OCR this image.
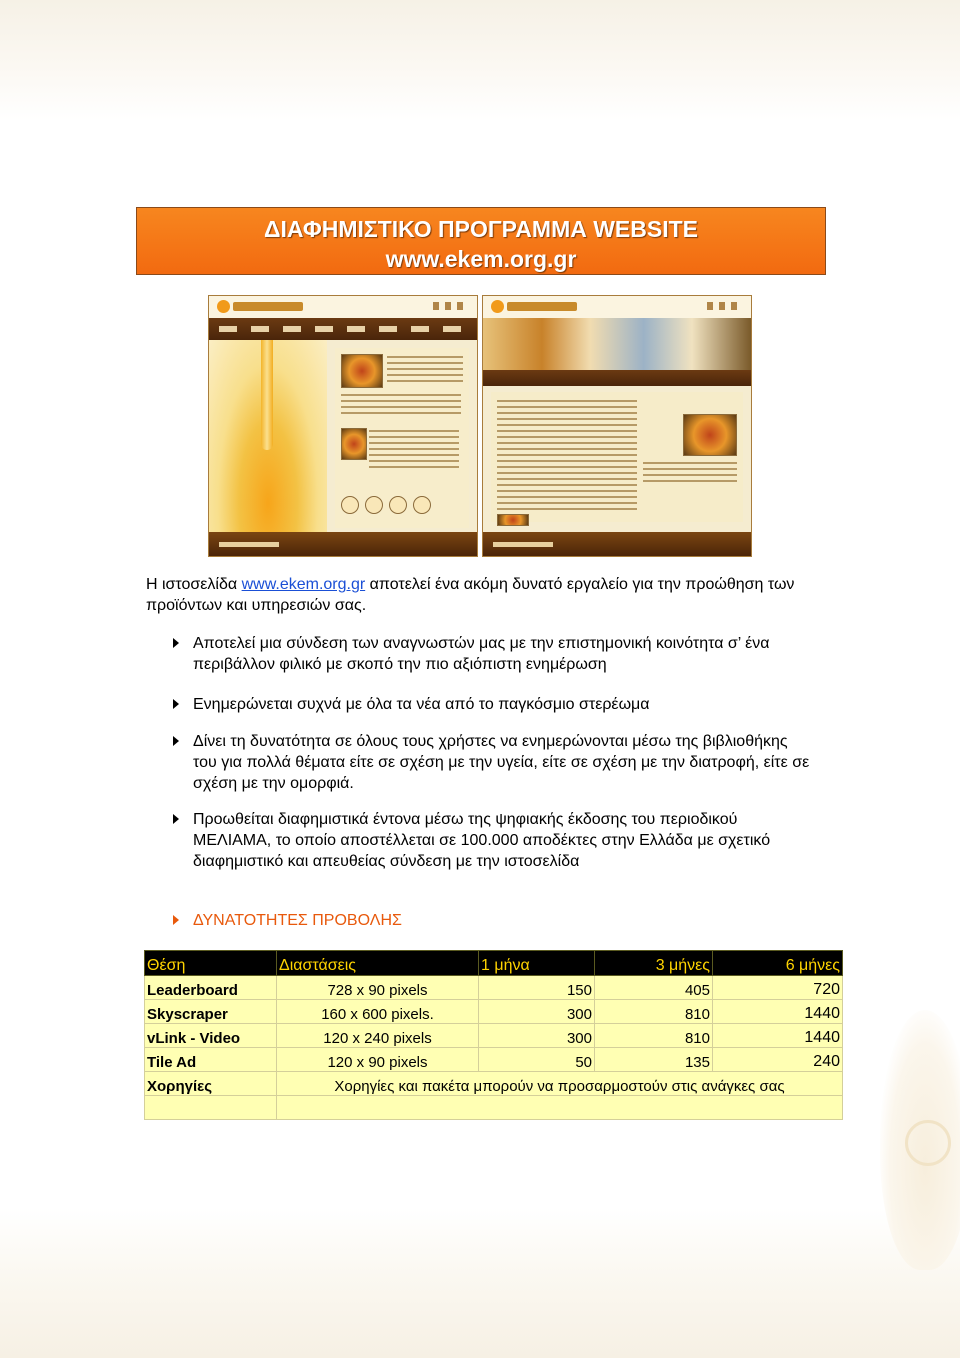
ΔΙΑΦΗΜΙΣΤΙΚΟ ΠΡΟΓΡΑΜΜΑ WEBSITE
www.ekem.org.gr
Η ιστοσελίδα www.ekem.org.gr αποτελεί ένα ακόμη δυνατό εργαλείο για την προώθηση των προϊόντων και υπηρεσιών σας.
Αποτελεί μια σύνδεση των αναγνωστών μας με την επιστημονική κοινότητα σ’ ένα περιβάλλον φιλικό με σκοπό την πιο αξιόπιστη ενημέρωση
Ενημερώνεται συχνά με όλα τα νέα από το παγκόσμιο στερέωμα
Δίνει τη δυνατότητα σε όλους τους χρήστες να ενημερώνονται μέσω της βιβλιοθήκης του για πολλά θέματα είτε σε σχέση με την υγεία, είτε σε σχέση με την διατροφή, είτε σε σχέση με την ομορφιά.
Προωθείται διαφημιστικά έντονα μέσω της ψηφιακής έκδοσης του περιοδικού ΜΕΛΙΑΜΑ, το οποίο αποστέλλεται σε 100.000 αποδέκτες στην Ελλάδα με σχετικό διαφημιστικό και απευθείας σύνδεση με την ιστοσελίδα
ΔΥΝΑΤΟΤΗΤΕΣ ΠΡΟΒΟΛΗΣ
Θέση	Διαστάσεις	1 μήνα	3 μήνες	6 μήνες
Leaderboard	728 x 90 pixels	150	405	720
Skyscraper	160 x 600 pixels.	300	810	1440
vLink - Video	120 x 240 pixels	300	810	1440
Tile Ad	120 x 90 pixels	50	135	240
Χορηγίες	Χορηγίες και πακέτα μπορούν να προσαρμοστούν στις ανάγκες σας			
